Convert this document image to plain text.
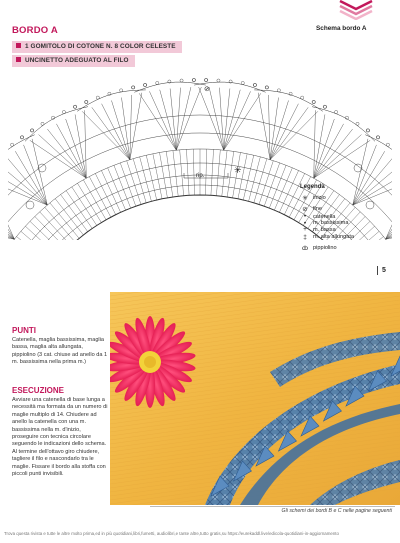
BORDO A
1 GOMITOLO DI COTONE N. 8 COLOR CELESTE
UNCINETTO ADEGUATO AL FILO
Schema bordo A
✳
⊘
rip.
Legenda
✳ inizio
⊘ fine
•	catenella
•	m. bassissima
+	m. bassa
‡	m. alta allungata
ȸ pippiolino
5
PUNTI
Catenella, maglia bassissima, maglia bassa, maglia alta allungata, pippiolino (3 cat. chiuse ad anello da 1 m. bassissima nella prima m.)
ESECUZIONE
Avviare una catenella di base lunga a necessità ma formata da un numero di maglie multiplo di 14. Chiudere ad anello la catenella con una m. bassissima nella m. d'inizio, proseguire con tecnica circolare seguendo le indicazioni dello schema. Al termine dell'ottavo giro chiudere, tagliere il filo e nascondarlo tra le maglie. Fissare il bordo alla stoffa con piccoli punti invisibili.
Gli schemi dei bordi B e C nelle pagine seguenti
Trova questa rivista e tutte le altre molto prima,ed in più quotidiani,libri,fumetti, audiolibri,e tante altre,tutto gratis,su https://eurekaddl.live/edicola-quotidiani-in-aggiornamento
